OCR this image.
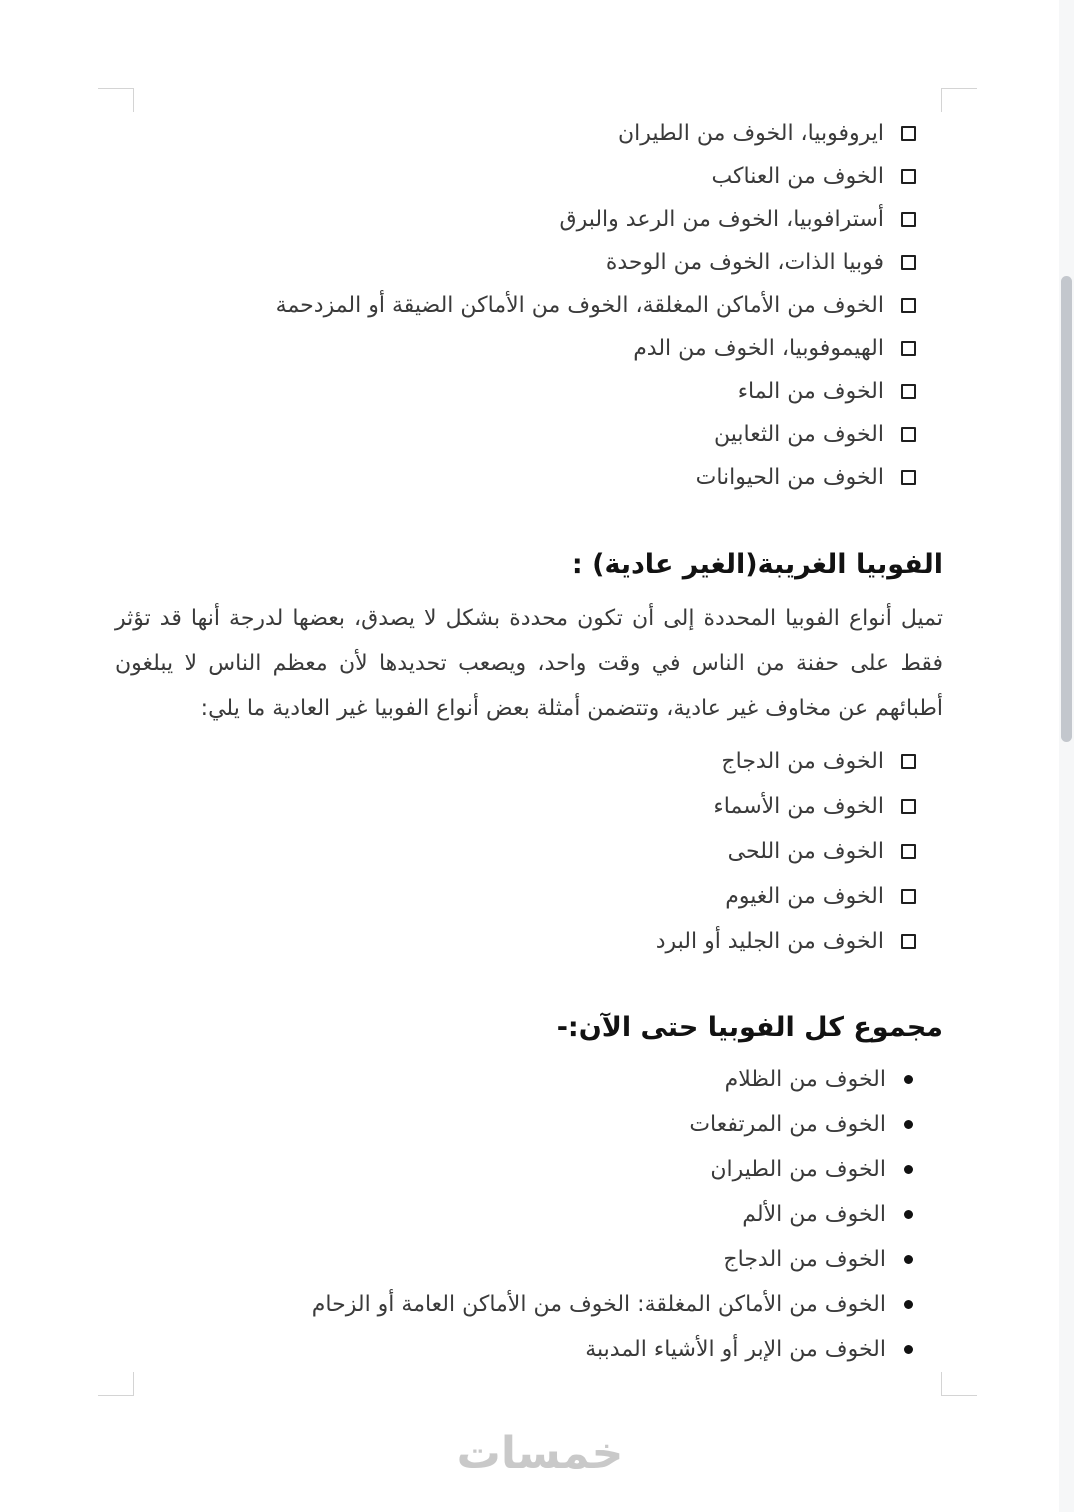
ايروفوبيا، الخوف من الطيران
الخوف من العناكب
أسترافوبيا، الخوف من الرعد والبرق
فوبيا الذات، الخوف من الوحدة
الخوف من الأماكن المغلقة، الخوف من الأماكن الضيقة أو المزدحمة
الهيموفوبيا، الخوف من الدم
الخوف من الماء
الخوف من الثعابين
الخوف من الحيوانات
الفوبيا الغريبة(الغير عادية) :
تميل أنواع الفوبيا المحددة إلى أن تكون محددة بشكل لا يصدق، بعضها لدرجة أنها قد تؤثر فقط على حفنة من الناس في وقت واحد، ويصعب تحديدها لأن معظم الناس لا يبلغون أطبائهم عن مخاوف غير عادية، وتتضمن أمثلة بعض أنواع الفوبيا غير العادية ما يلي:
الخوف من الدجاج
الخوف من الأسماء
الخوف من اللحى
الخوف من الغيوم
الخوف من الجليد أو البرد
مجموع كل الفوبيا حتى الآن:-
الخوف من الظلام
الخوف من المرتفعات
الخوف من الطيران
الخوف من الألم
الخوف من الدجاج
الخوف من الأماكن المغلقة: الخوف من الأماكن العامة أو الزحام
الخوف من الإبر أو الأشياء المدببة
خمسات
